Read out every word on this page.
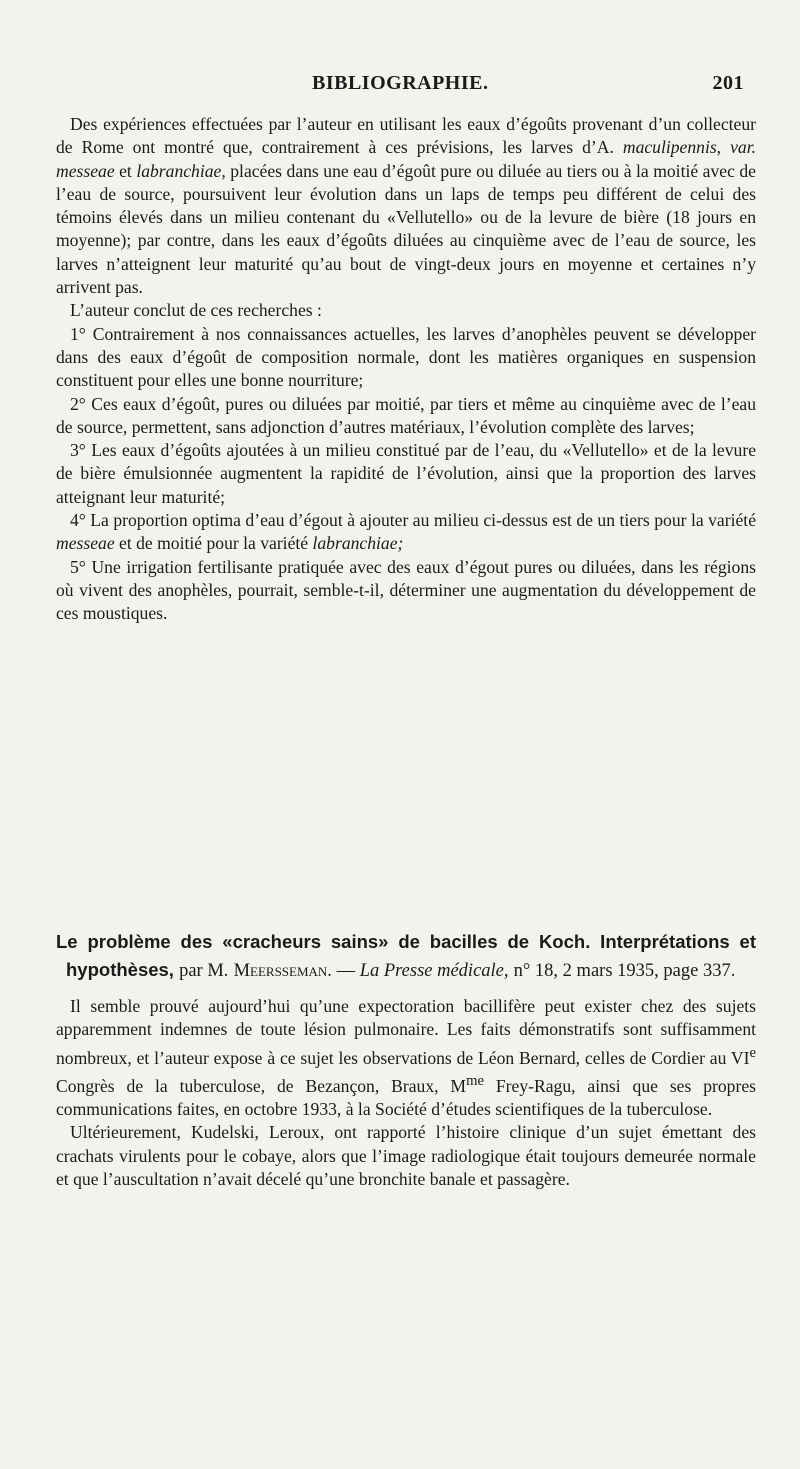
BIBLIOGRAPHIE.	201

Des expériences effectuées par l’auteur en utilisant les eaux d’égoûts provenant d’un collecteur de Rome ont montré que, contrairement à ces prévisions, les larves d’A. maculipennis, var. messeae et labranchiae, placées dans une eau d’égoût pure ou diluée au tiers ou à la moitié avec de l’eau de source, poursuivent leur évolution dans un laps de temps peu différent de celui des témoins élevés dans un milieu contenant du «Vellutello» ou de la levure de bière (18 jours en moyenne); par contre, dans les eaux d’égoûts diluées au cinquième avec de l’eau de source, les larves n’atteignent leur maturité qu’au bout de vingt-deux jours en moyenne et certaines n’y arrivent pas.

L’auteur conclut de ces recherches :

1° Contrairement à nos connaissances actuelles, les larves d’anophèles peuvent se développer dans des eaux d’égoût de composition normale, dont les matières organiques en suspension constituent pour elles une bonne nourriture;

2° Ces eaux d’égoût, pures ou diluées par moitié, par tiers et même au cinquième avec de l’eau de source, permettent, sans adjonction d’autres matériaux, l’évolution complète des larves;

3° Les eaux d’égoûts ajoutées à un milieu constitué par de l’eau, du «Vellutello» et de la levure de bière émulsionnée augmentent la rapidité de l’évolution, ainsi que la proportion des larves atteignant leur maturité;

4° La proportion optima d’eau d’égout à ajouter au milieu ci-dessus est de un tiers pour la variété messeae et de moitié pour la variété labranchiae;

5° Une irrigation fertilisante pratiquée avec des eaux d’égout pures ou diluées, dans les régions où vivent des anophèles, pourrait, semble-t-il, déterminer une augmentation du développement de ces moustiques.

Le problème des «cracheurs sains» de bacilles de Koch. Interprétations et hypothèses, par M. Meersseman. — La Presse médicale, n° 18, 2 mars 1935, page 337.

Il semble prouvé aujourd’hui qu’une expectoration bacillifère peut exister chez des sujets apparemment indemnes de toute lésion pulmonaire. Les faits démonstratifs sont suffisamment nombreux, et l’auteur expose à ce sujet les observations de Léon Bernard, celles de Cordier au VIe Congrès de la tuberculose, de Bezançon, Braux, $M^{me}$ Frey-Ragu, ainsi que ses propres communications faites, en octobre 1933, à la Société d’études scientifiques de la tuberculose.

Ultérieurement, Kudelski, Leroux, ont rapporté l’histoire clinique d’un sujet émettant des crachats virulents pour le cobaye, alors que l’image radiologique était toujours demeurée normale et que l’auscultation n’avait décelé qu’une bronchite banale et passagère.
